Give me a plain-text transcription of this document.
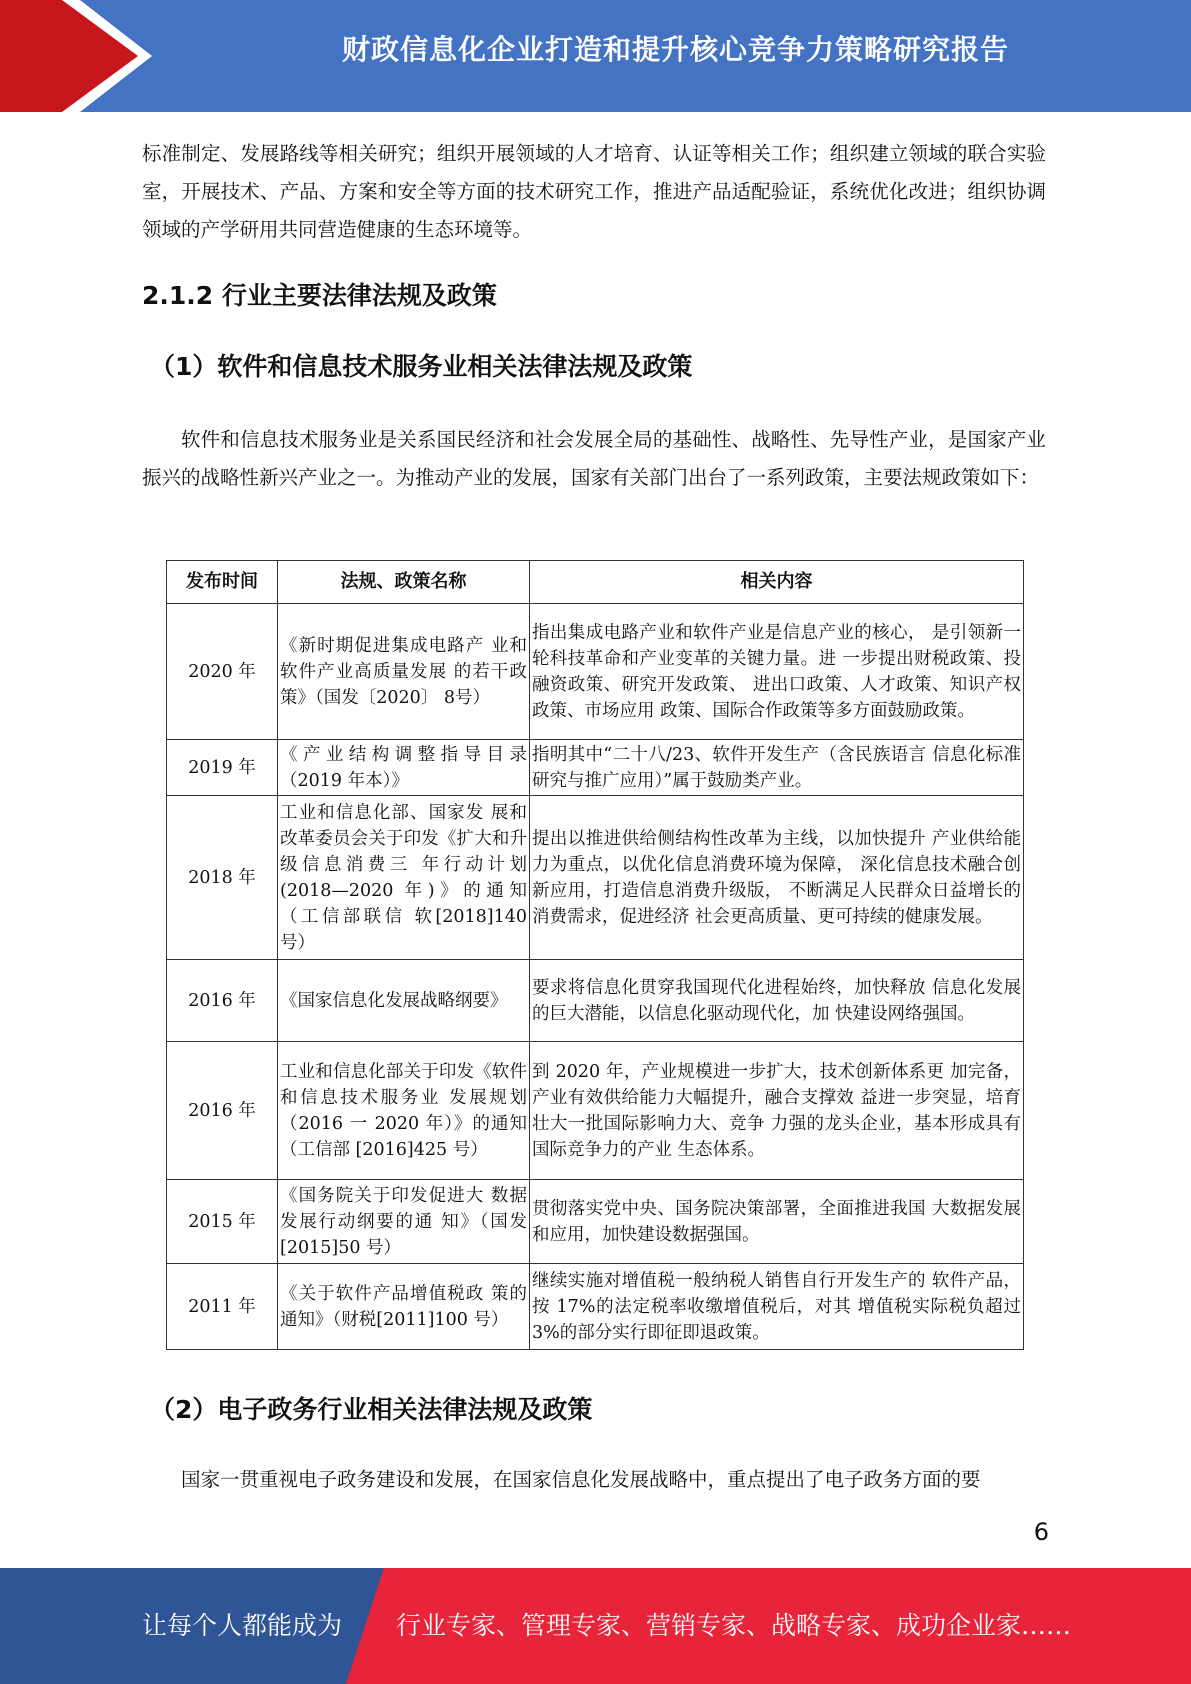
财政信息化企业打造和提升核心竞争力策略研究报告

标准制定、发展路线等相关研究；组织开展领域的人才培育、认证等相关工作；组织建立领域的联合实验室，开展技术、产品、方案和安全等方面的技术研究工作，推进产品适配验证，系统优化改进；组织协调领域的产学研用共同营造健康的生态环境等。

2.1.2 行业主要法律法规及政策
（1）软件和信息技术服务业相关法律法规及政策

软件和信息技术服务业是关系国民经济和社会发展全局的基础性、战略性、先导性产业，是国家产业振兴的战略性新兴产业之一。为推动产业的发展，国家有关部门出台了一系列政策，主要法规政策如下：

发布时间	法规、政策名称	相关内容
2020 年	《新时期促进集成电路产 业和软件产业高质量发展 的若干政策》（国发〔2020〕 8号）	指出集成电路产业和软件产业是信息产业的核心， 是引领新一轮科技革命和产业变革的关键力量。进 一步提出财税政策、投融资政策、研究开发政策、 进出口政策、人才政策、知识产权政策、市场应用 政策、国际合作政策等多方面鼓励政策。
2019 年	《产业结构调整指导目录（2019 年本）》	指明其中“二十八/23、软件开发生产（含民族语言 信息化标准研究与推广应用）”属于鼓励类产业。
2018 年	工业和信息化部、国家发 展和改革委员会关于印发《扩大和升级信息消费三 年行动计划(2018—2020 年)》的通知（工信部联信 软[2018]140 号）	提出以推进供给侧结构性改革为主线，以加快提升 产业供给能力为重点，以优化信息消费环境为保障， 深化信息技术融合创新应用，打造信息消费升级版， 不断满足人民群众日益增长的消费需求，促进经济 社会更高质量、更可持续的健康发展。
2016 年	《国家信息化发展战略纲要》	要求将信息化贯穿我国现代化进程始终，加快释放 信息化发展的巨大潜能，以信息化驱动现代化，加 快建设网络强国。
2016 年	工业和信息化部关于印发《软件和信息技术服务业 发展规划（2016 一 2020 年）》的通知（工信部 [2016]425 号）	到 2020 年，产业规模进一步扩大，技术创新体系更 加完备，产业有效供给能力大幅提升，融合支撑效 益进一步突显，培育壮大一批国际影响力大、竞争 力强的龙头企业，基本形成具有国际竞争力的产业 生态体系。
2015 年	《国务院关于印发促进大 数据发展行动纲要的通 知》（国发[2015]50 号）	贯彻落实党中央、国务院决策部署，全面推进我国 大数据发展和应用，加快建设数据强国。
2011 年	《关于软件产品增值税政 策的通知》（财税[2011]100 号）	继续实施对增值税一般纳税人销售自行开发生产的 软件产品，按 17%的法定税率收缴增值税后，对其 增值税实际税负超过 3%的部分实行即征即退政策。
（2）电子政务行业相关法律法规及政策

国家一贯重视电子政务建设和发展，在国家信息化发展战略中，重点提出了电子政务方面的要

6
让每个人都能成为 行业专家、管理专家、营销专家、战略专家、成功企业家……
